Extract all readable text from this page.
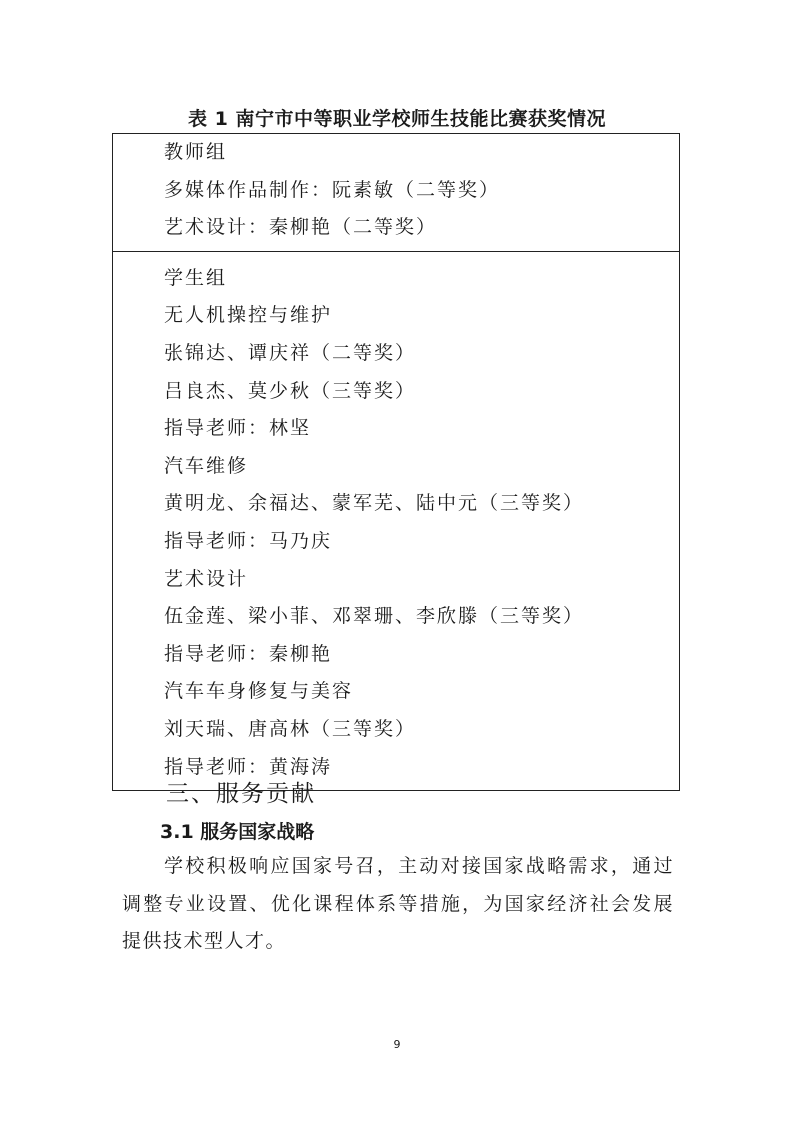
表 1 南宁市中等职业学校师生技能比赛获奖情况
教师组
多媒体作品制作：阮素敏（二等奖）
艺术设计：秦柳艳（二等奖）
学生组
无人机操控与维护
张锦达、谭庆祥（二等奖）
吕良杰、莫少秋（三等奖）
指导老师：林坚
汽车维修
黄明龙、余福达、蒙军芜、陆中元（三等奖）
指导老师：马乃庆
艺术设计
伍金莲、梁小菲、邓翠珊、李欣滕（三等奖）
指导老师：秦柳艳
汽车车身修复与美容
刘天瑞、唐高林（三等奖）
指导老师：黄海涛
三、服务贡献
3.1 服务国家战略
学校积极响应国家号召，主动对接国家战略需求，通过调整专业设置、优化课程体系等措施，为国家经济社会发展提供技术型人才。
9
